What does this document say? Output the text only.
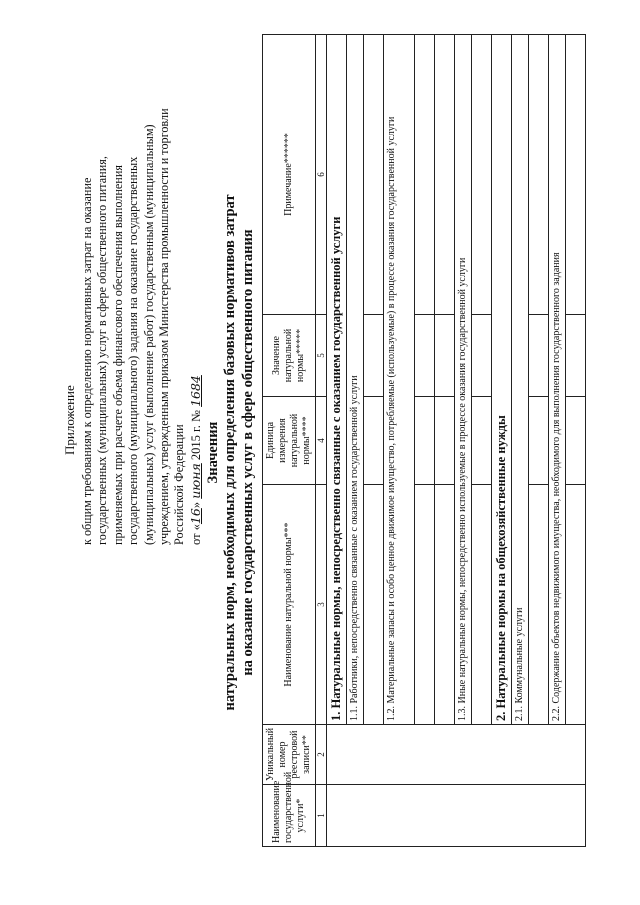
Приложение к общим требованиям к определению нормативных затрат на оказание государственных (муниципальных) услуг в сфере общественного питания, применяемых при расчете объема финансового обеспечения выполнения государственного (муниципального) задания на оказание государственных (муниципальных) услуг (выполнение работ) государственным (муниципальным) учреждением, утвержденным приказом Министерства промышленности и торговли Российской Федерации от «16» июня 2015 г. № 1684
Значения натуральных норм, необходимых для определения базовых нормативов затрат на оказание государственных услуг в сфере общественного питания
Наименование государственной услуги*	Уникальный номер реестровой записи**	Наименование натуральной нормы***	Единица измерения натуральной нормы****	Значение натуральной нормы*****	Примечание******
1	2	3	4	5	6
		1. Натуральные нормы, непосредственно связанные с оказанием государственной услуги			
		1.1. Работники, непосредственно связанные с оказанием государственной услуги			

		1.2. Материальные запасы и особо ценное движимое имущество, потребляемые (используемые) в процессе оказания государственной услуги			

		1.3. Иные натуральные нормы, непосредственно используемые в процессе оказания государственной услуги			

		2. Натуральные нормы на общехозяйственные нужды			
		2.1. Коммунальные услуги			

		2.2. Содержание объектов недвижимого имущества, необходимого для выполнения государственного задания			
